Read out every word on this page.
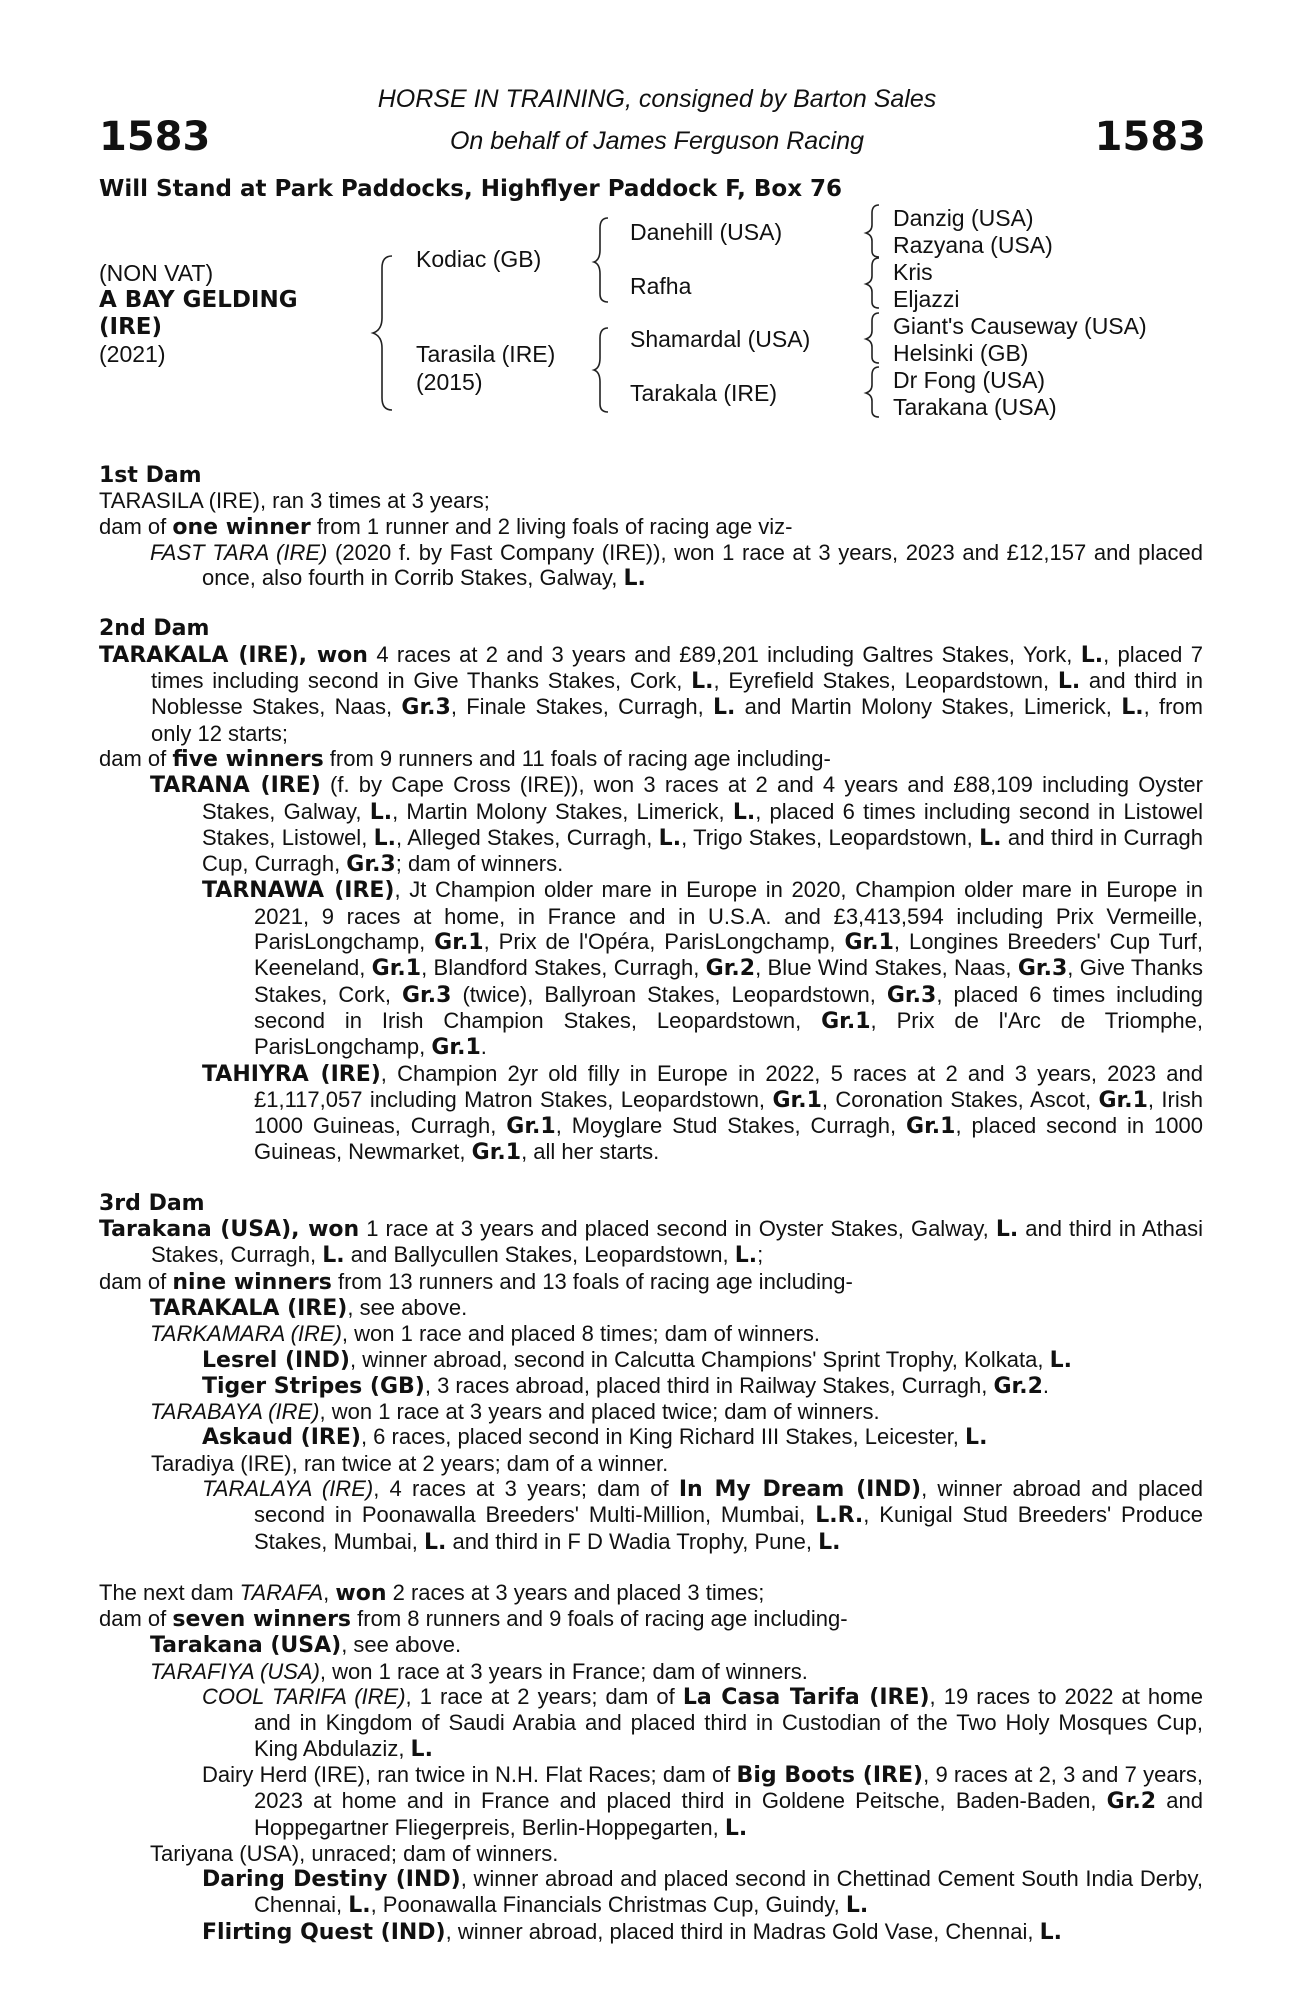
1583	1583
HORSE IN TRAINING, consigned by Barton Sales
On behalf of James Ferguson Racing
Will Stand at Park Paddocks, Highflyer Paddock F, Box 76
(NON VAT)
A BAY GELDING
(IRE)
(2021)
Kodiac (GB)
Tarasila (IRE)
(2015)
Danehill (USA)
Rafha
Shamardal (USA)
Tarakala (IRE)
Danzig (USA)
Razyana (USA)
Kris
Eljazzi
Giant's Causeway (USA)
Helsinki (GB)
Dr Fong (USA)
Tarakana (USA)

1st Dam

TARASILA (IRE), ran 3 times at 3 years;

dam of one winner from 1 runner and 2 living foals of racing age viz-

FAST TARA (IRE) (2020 f. by Fast Company (IRE)), won 1 race at 3 years, 2023 and £12,157 and placed once, also fourth in Corrib Stakes, Galway, L.

2nd Dam

TARAKALA (IRE), won 4 races at 2 and 3 years and £89,201 including Galtres Stakes, York, L., placed 7 times including second in Give Thanks Stakes, Cork, L., Eyrefield Stakes, Leopardstown, L. and third in Noblesse Stakes, Naas, Gr.3, Finale Stakes, Curragh, L. and Martin Molony Stakes, Limerick, L., from only 12 starts;

dam of five winners from 9 runners and 11 foals of racing age including-

TARANA (IRE) (f. by Cape Cross (IRE)), won 3 races at 2 and 4 years and £88,109 including Oyster Stakes, Galway, L., Martin Molony Stakes, Limerick, L., placed 6 times including second in Listowel Stakes, Listowel, L., Alleged Stakes, Curragh, L., Trigo Stakes, Leopardstown, L. and third in Curragh Cup, Curragh, Gr.3; dam of winners.

TARNAWA (IRE), Jt Champion older mare in Europe in 2020, Champion older mare in Europe in 2021, 9 races at home, in France and in U.S.A. and £3,413,594 including Prix Vermeille, ParisLongchamp, Gr.1, Prix de l'Opéra, ParisLongchamp, Gr.1, Longines Breeders' Cup Turf, Keeneland, Gr.1, Blandford Stakes, Curragh, Gr.2, Blue Wind Stakes, Naas, Gr.3, Give Thanks Stakes, Cork, Gr.3 (twice), Ballyroan Stakes, Leopardstown, Gr.3, placed 6 times including second in Irish Champion Stakes, Leopardstown, Gr.1, Prix de l'Arc de Triomphe, ParisLongchamp, Gr.1.

TAHIYRA (IRE), Champion 2yr old filly in Europe in 2022, 5 races at 2 and 3 years, 2023 and £1,117,057 including Matron Stakes, Leopardstown, Gr.1, Coronation Stakes, Ascot, Gr.1, Irish 1000 Guineas, Curragh, Gr.1, Moyglare Stud Stakes, Curragh, Gr.1, placed second in 1000 Guineas, Newmarket, Gr.1, all her starts.

3rd Dam

Tarakana (USA), won 1 race at 3 years and placed second in Oyster Stakes, Galway, L. and third in Athasi Stakes, Curragh, L. and Ballycullen Stakes, Leopardstown, L.;

dam of nine winners from 13 runners and 13 foals of racing age including-

TARAKALA (IRE), see above.

TARKAMARA (IRE), won 1 race and placed 8 times; dam of winners.

Lesrel (IND), winner abroad, second in Calcutta Champions' Sprint Trophy, Kolkata, L.

Tiger Stripes (GB), 3 races abroad, placed third in Railway Stakes, Curragh, Gr.2.

TARABAYA (IRE), won 1 race at 3 years and placed twice; dam of winners.

Askaud (IRE), 6 races, placed second in King Richard III Stakes, Leicester, L.

Taradiya (IRE), ran twice at 2 years; dam of a winner.

TARALAYA (IRE), 4 races at 3 years; dam of In My Dream (IND), winner abroad and placed second in Poonawalla Breeders' Multi-Million, Mumbai, L.R., Kunigal Stud Breeders' Produce Stakes, Mumbai, L. and third in F D Wadia Trophy, Pune, L.

The next dam TARAFA, won 2 races at 3 years and placed 3 times;

dam of seven winners from 8 runners and 9 foals of racing age including-

Tarakana (USA), see above.

TARAFIYA (USA), won 1 race at 3 years in France; dam of winners.

COOL TARIFA (IRE), 1 race at 2 years; dam of La Casa Tarifa (IRE), 19 races to 2022 at home and in Kingdom of Saudi Arabia and placed third in Custodian of the Two Holy Mosques Cup, King Abdulaziz, L.

Dairy Herd (IRE), ran twice in N.H. Flat Races; dam of Big Boots (IRE), 9 races at 2, 3 and 7 years, 2023 at home and in France and placed third in Goldene Peitsche, Baden-Baden, Gr.2 and Hoppegartner Fliegerpreis, Berlin-Hoppegarten, L.

Tariyana (USA), unraced; dam of winners.

Daring Destiny (IND), winner abroad and placed second in Chettinad Cement South India Derby, Chennai, L., Poonawalla Financials Christmas Cup, Guindy, L.

Flirting Quest (IND), winner abroad, placed third in Madras Gold Vase, Chennai, L.
